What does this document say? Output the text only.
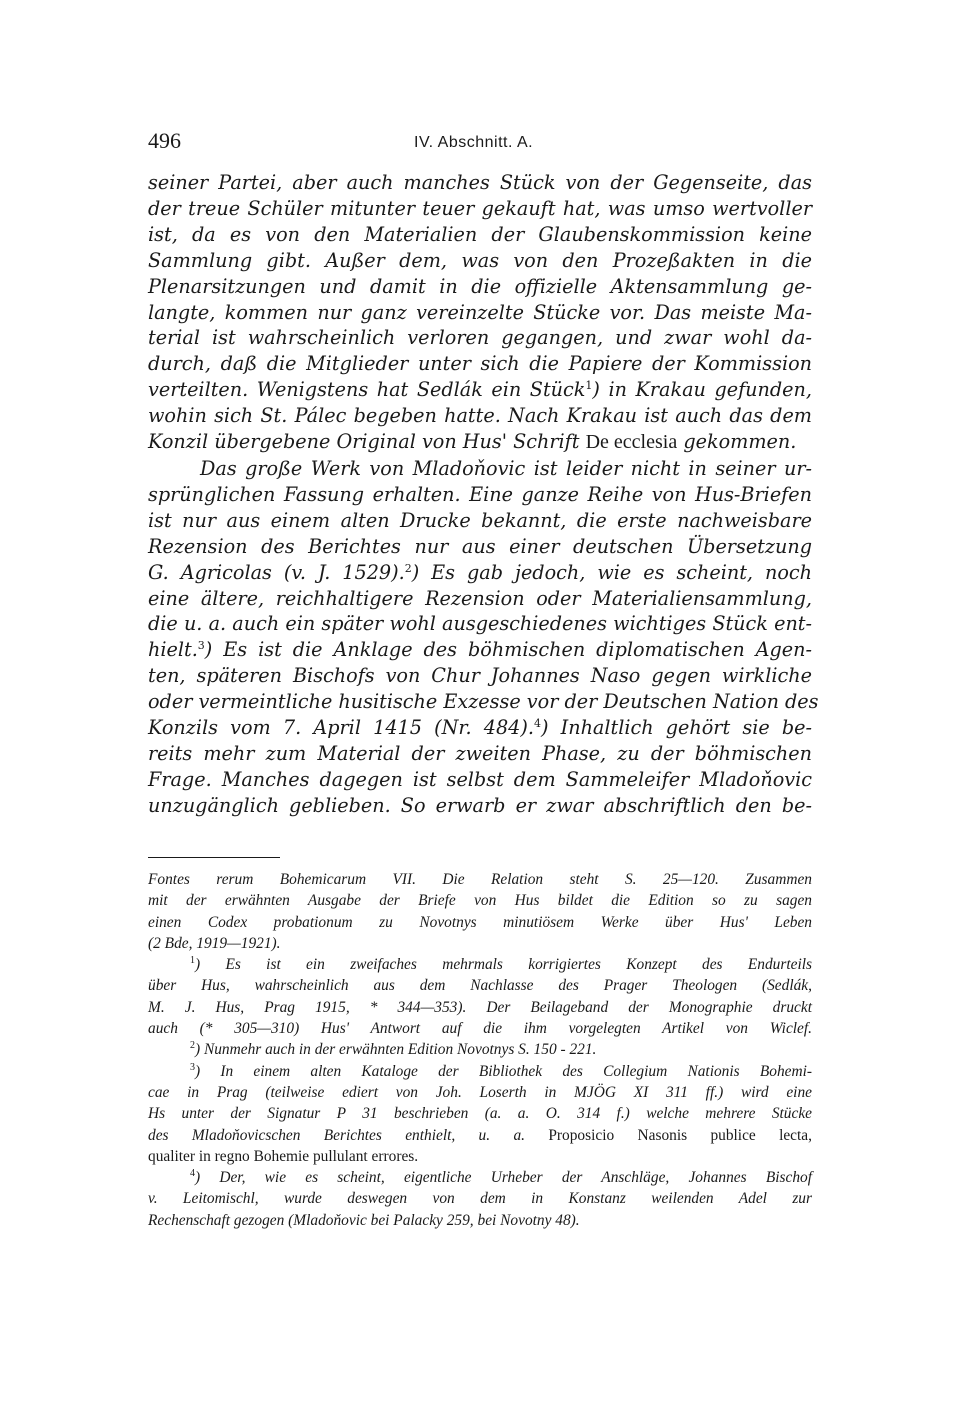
496	IV. Abschnitt. A.
seiner Partei, aber auch manches Stück von der Gegenseite, das
der treue Schüler mitunter teuer gekauft hat, was umso wertvoller
ist, da es von den Materialien der Glaubenskommission keine
Sammlung gibt. Außer dem, was von den Prozeßakten in die
Plenarsitzungen und damit in die offizielle Aktensammlung ge-
langte, kommen nur ganz vereinzelte Stücke vor. Das meiste Ma-
terial ist wahrscheinlich verloren gegangen, und zwar wohl da-
durch, daß die Mitglieder unter sich die Papiere der Kommission
verteilten. Wenigstens hat Sedlák ein Stück$^1$) in Krakau gefunden,
wohin sich St. Pálec begeben hatte. Nach Krakau ist auch das dem
Konzil übergebene Original von Hus' Schrift De ecclesia gekommen.
Das große Werk von Mladoňovic ist leider nicht in seiner ur-
sprünglichen Fassung erhalten. Eine ganze Reihe von Hus-Briefen
ist nur aus einem alten Drucke bekannt, die erste nachweisbare
Rezension des Berichtes nur aus einer deutschen Übersetzung
G. Agricolas (v. J. 1529).$^2$) Es gab jedoch, wie es scheint, noch
eine ältere, reichhaltigere Rezension oder Materialiensammlung,
die u. a. auch ein später wohl ausgeschiedenes wichtiges Stück ent-
hielt.$^3$) Es ist die Anklage des böhmischen diplomatischen Agen-
ten, späteren Bischofs von Chur Johannes Naso gegen wirkliche
oder vermeintliche husitische Exzesse vor der Deutschen Nation des
Konzils vom 7. April 1415 (Nr. 484).$^4$) Inhaltlich gehört sie be-
reits mehr zum Material der zweiten Phase, zu der böhmischen
Frage. Manches dagegen ist selbst dem Sammeleifer Mladoňovic
unzugänglich geblieben. So erwarb er zwar abschriftlich den be-
Fontes rerum Bohemicarum VII. Die Relation steht S. 25—120. Zusammen
mit der erwähnten Ausgabe der Briefe von Hus bildet die Edition so zu sagen
einen Codex probationum zu Novotnys minutiösem Werke über Hus' Leben
(2 Bde, 1919—1921).
$^1$) Es ist ein zweifaches mehrmals korrigiertes Konzept des Endurteils
über Hus, wahrscheinlich aus dem Nachlasse des Prager Theologen (Sedlák,
M. J. Hus, Prag 1915, * 344—353). Der Beilageband der Monographie druckt
auch (* 305—310) Hus' Antwort auf die ihm vorgelegten Artikel von Wiclef.
$^2$) Nunmehr auch in der erwähnten Edition Novotnys S. 150 - 221.
$^3$) In einem alten Kataloge der Bibliothek des Collegium Nationis Bohemi-
cae in Prag (teilweise ediert von Joh. Loserth in MJÖG XI 311 ff.) wird eine
Hs unter der Signatur P 31 beschrieben (a. a. O. 314 f.) welche mehrere Stücke
des Mladoňovicschen Berichtes enthielt, u. a. Proposicio Nasonis publice lecta,
qualiter in regno Bohemie pullulant errores.
$^4$) Der, wie es scheint, eigentliche Urheber der Anschläge, Johannes Bischof
v. Leitomischl, wurde deswegen von dem in Konstanz weilenden Adel zur
Rechenschaft gezogen (Mladoňovic bei Palacky 259, bei Novotny 48).
